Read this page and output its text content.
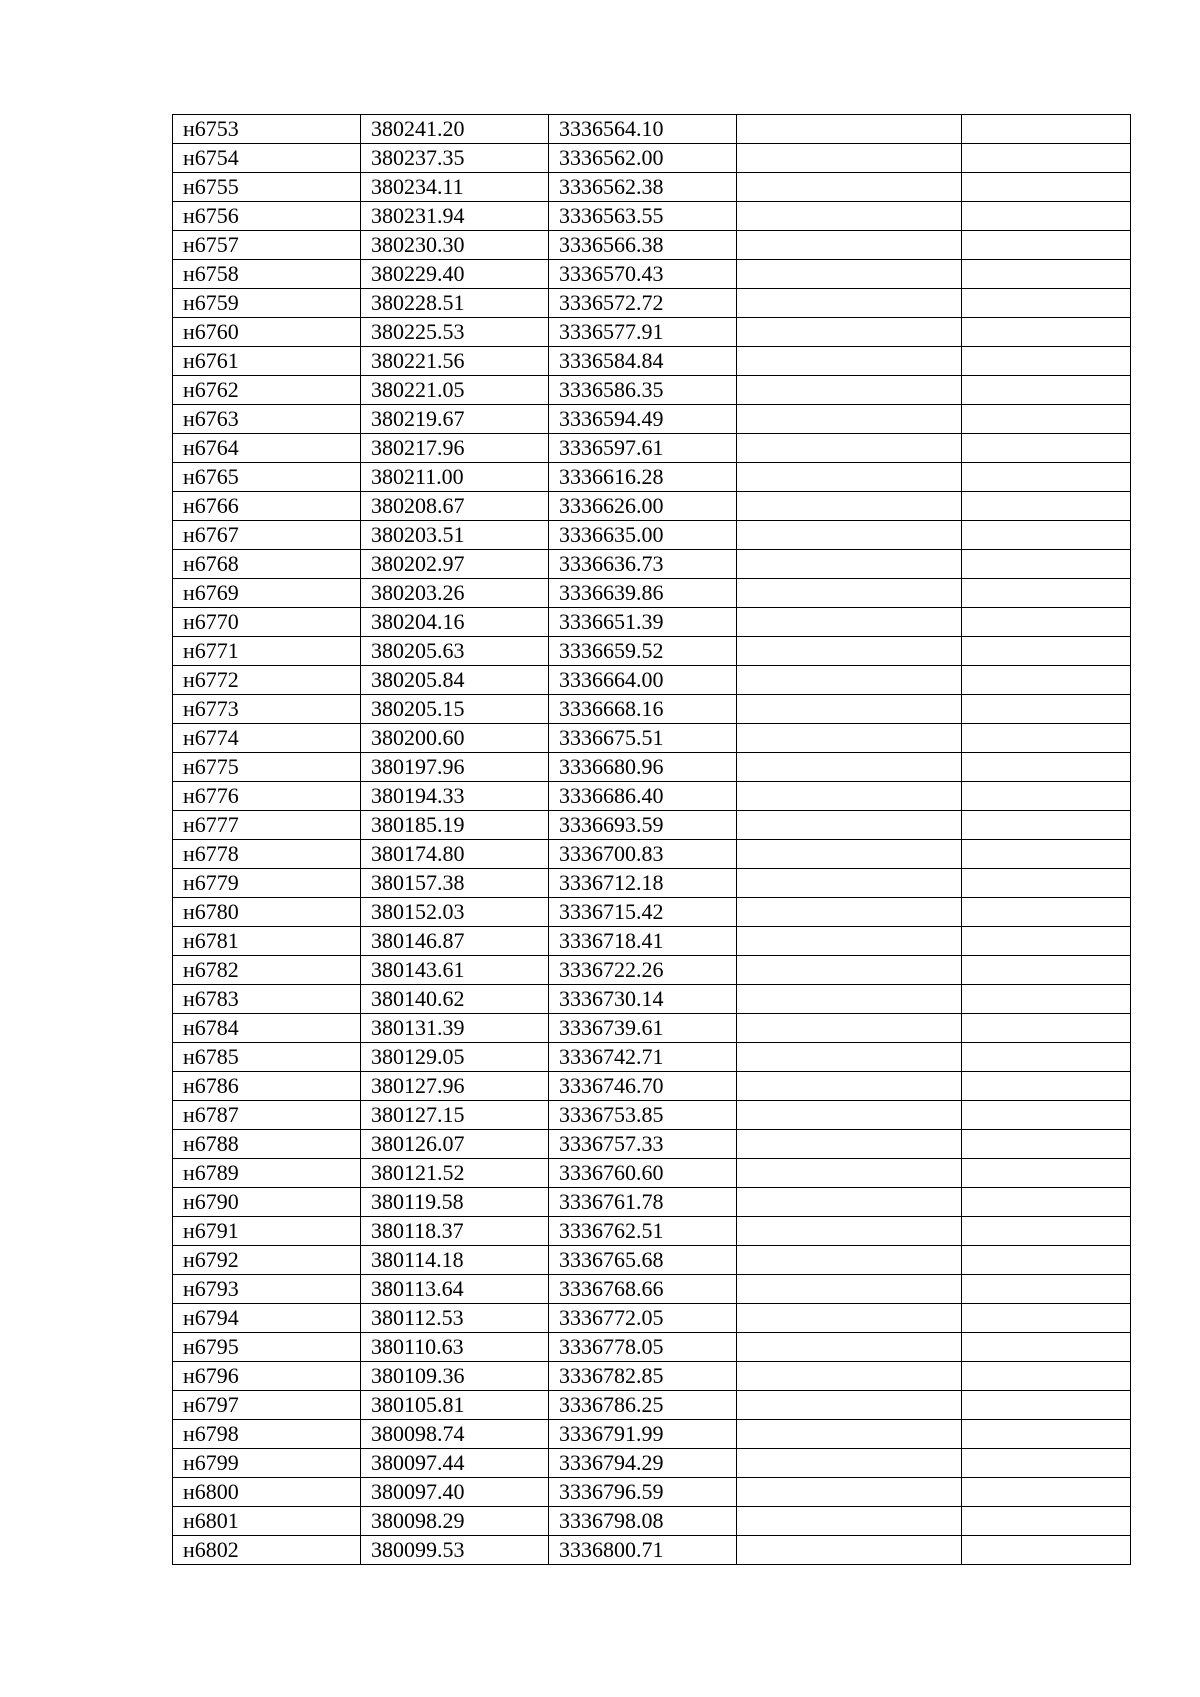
н6753	380241.20	3336564.10		
н6754	380237.35	3336562.00		
н6755	380234.11	3336562.38		
н6756	380231.94	3336563.55		
н6757	380230.30	3336566.38		
н6758	380229.40	3336570.43		
н6759	380228.51	3336572.72		
н6760	380225.53	3336577.91		
н6761	380221.56	3336584.84		
н6762	380221.05	3336586.35		
н6763	380219.67	3336594.49		
н6764	380217.96	3336597.61		
н6765	380211.00	3336616.28		
н6766	380208.67	3336626.00		
н6767	380203.51	3336635.00		
н6768	380202.97	3336636.73		
н6769	380203.26	3336639.86		
н6770	380204.16	3336651.39		
н6771	380205.63	3336659.52		
н6772	380205.84	3336664.00		
н6773	380205.15	3336668.16		
н6774	380200.60	3336675.51		
н6775	380197.96	3336680.96		
н6776	380194.33	3336686.40		
н6777	380185.19	3336693.59		
н6778	380174.80	3336700.83		
н6779	380157.38	3336712.18		
н6780	380152.03	3336715.42		
н6781	380146.87	3336718.41		
н6782	380143.61	3336722.26		
н6783	380140.62	3336730.14		
н6784	380131.39	3336739.61		
н6785	380129.05	3336742.71		
н6786	380127.96	3336746.70		
н6787	380127.15	3336753.85		
н6788	380126.07	3336757.33		
н6789	380121.52	3336760.60		
н6790	380119.58	3336761.78		
н6791	380118.37	3336762.51		
н6792	380114.18	3336765.68		
н6793	380113.64	3336768.66		
н6794	380112.53	3336772.05		
н6795	380110.63	3336778.05		
н6796	380109.36	3336782.85		
н6797	380105.81	3336786.25		
н6798	380098.74	3336791.99		
н6799	380097.44	3336794.29		
н6800	380097.40	3336796.59		
н6801	380098.29	3336798.08		
н6802	380099.53	3336800.71		
